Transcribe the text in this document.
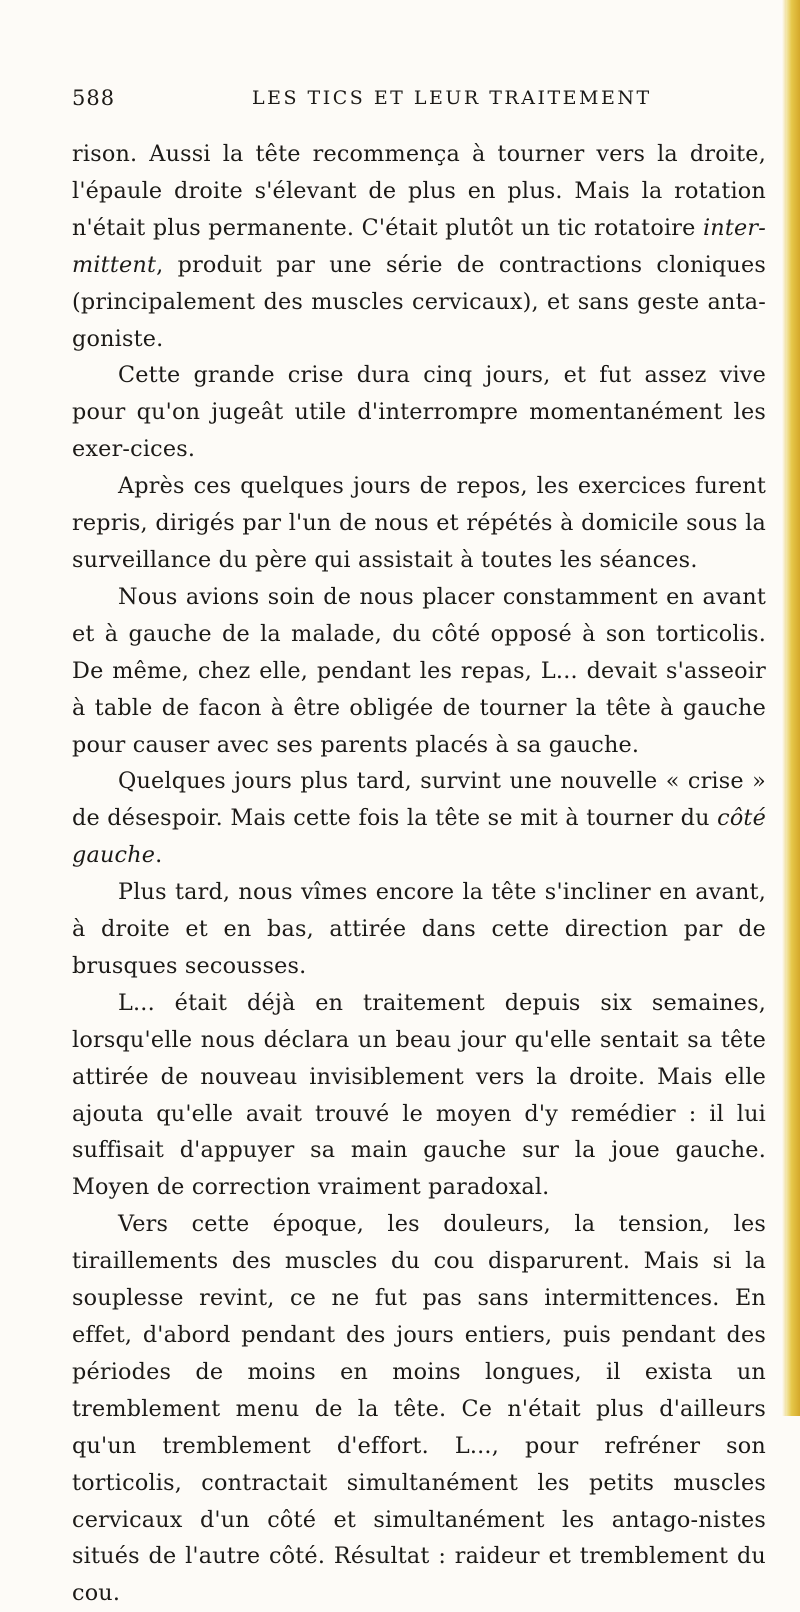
588	LES TICS ET LEUR TRAITEMENT

rison. Aussi la tête recommença à tourner vers la droite, l'épaule droite s'élevant de plus en plus. Mais la rotation n'était plus permanente. C'était plutôt un tic rotatoire inter-mittent, produit par une série de contractions cloniques (principalement des muscles cervicaux), et sans geste anta-goniste.

Cette grande crise dura cinq jours, et fut assez vive pour qu'on jugeât utile d'interrompre momentanément les exer-cices.

Après ces quelques jours de repos, les exercices furent repris, dirigés par l'un de nous et répétés à domicile sous la surveillance du père qui assistait à toutes les séances.

Nous avions soin de nous placer constamment en avant et à gauche de la malade, du côté opposé à son torticolis. De même, chez elle, pendant les repas, L... devait s'asseoir à table de facon à être obligée de tourner la tête à gauche pour causer avec ses parents placés à sa gauche.

Quelques jours plus tard, survint une nouvelle « crise » de désespoir. Mais cette fois la tête se mit à tourner du côté gauche.

Plus tard, nous vîmes encore la tête s'incliner en avant, à droite et en bas, attirée dans cette direction par de brusques secousses.

L... était déjà en traitement depuis six semaines, lorsqu'elle nous déclara un beau jour qu'elle sentait sa tête attirée de nouveau invisiblement vers la droite. Mais elle ajouta qu'elle avait trouvé le moyen d'y remédier : il lui suffisait d'appuyer sa main gauche sur la joue gauche. Moyen de correction vraiment paradoxal.

Vers cette époque, les douleurs, la tension, les tiraillements des muscles du cou disparurent. Mais si la souplesse revint, ce ne fut pas sans intermittences. En effet, d'abord pendant des jours entiers, puis pendant des périodes de moins en moins longues, il exista un tremblement menu de la tête. Ce n'était plus d'ailleurs qu'un tremblement d'effort. L..., pour refréner son torticolis, contractait simultanément les petits muscles cervicaux d'un côté et simultanément les antago-nistes situés de l'autre côté. Résultat : raideur et tremblement du cou.
